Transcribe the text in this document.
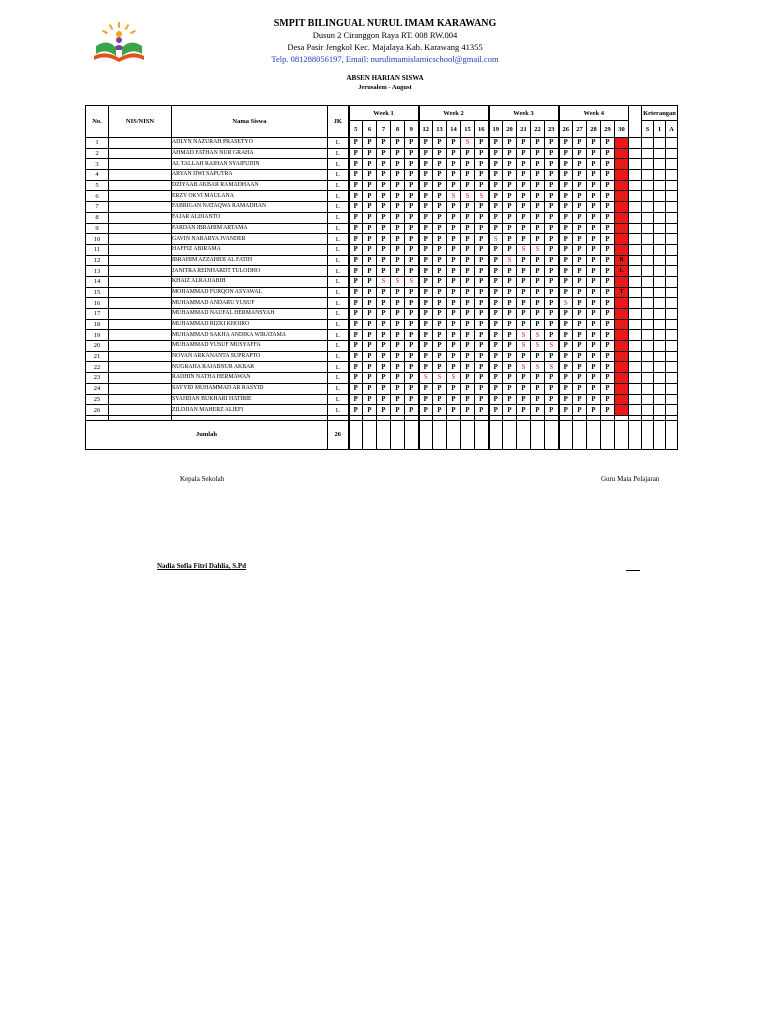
SMPIT BILINGUAL NURUL IMAM KARAWANG
Dusun 2 Ciranggon Raya RT. 008 RW.004
Desa Pasir Jengkol Kec. Majalaya Kab. Karawang 41355
Telp. 081288056197, Email: nurulimamislamicschool@gmail.com
ABSEN HARIAN SISWA
Jerusalem - August
No.	NIS/NISN	Nama Siswa	JK	Week 1					Week 2					Week 3					Week 4						Keterangan		
				5	6	7	8	9	12	13	14	15	16	19	20	21	22	23	26	27	28	29	30		S	I	A
1		ADLYN NAZURAH PRASETYO	L	P	P	P	P	P	P	P	P	S	P	P	P	P	P	P	P	P	P	P					
2		AHMAD FATHAN NUR GRAHA	L	P	P	P	P	P	P	P	P	P	P	P	P	P	P	P	P	P	P	P					
3		AL TALLAH RAIHAN SYAIFUDIN	L	P	P	P	P	P	P	P	P	P	P	P	P	P	P	P	P	P	P	P					
4		ARYAN DWI SAPUTRA	L	P	P	P	P	P	P	P	P	P	P	P	P	P	P	P	P	P	P	P					
5		DZIYAAB AKBAR RAMADHAAN	L	P	P	P	P	P	P	P	P	P	P	P	P	P	P	P	P	P	P	P					
6		ERZY OKVI MAULANA	L	P	P	P	P	P	P	P	S	S	S	P	P	P	P	P	P	P	P	P					
7		FABRIGAN NATAQWA RAMADHAN	L	P	P	P	P	P	P	P	P	P	P	P	P	P	P	P	P	P	P	P					
8		FAJAR ALDIANTO	L	P	P	P	P	P	P	P	P	P	P	P	P	P	P	P	P	P	P	P					
9		FARDAN IBRAHIM ARTAMA	L	P	P	P	P	P	P	P	P	P	P	P	P	P	P	P	P	P	P	P					
10		GAVIN NARARYA IVANDER	L	P	P	P	P	P	P	P	P	P	P	S	P	P	P	P	P	P	P	P					
11		HAFFIZ ABIRAMA	L	P	P	P	P	P	P	P	P	P	P	P	P	S	S	P	P	P	P	P					
12		IBRAHIM AZZAHIDI AL FATIH	L	P	P	P	P	P	P	P	P	P	P	P	S	P	P	P	P	P	P	P	R				
13		JANITRA REINHARDT TULODHO	L	P	P	P	P	P	P	P	P	P	P	P	P	P	P	P	P	P	P	P	L				
14		KHAIZ ALRAJJABIH	L	P	P	S	S	S	P	P	P	P	P	P	P	P	P	P	P	P	P	P					
15		MOHAMMAD FURQON ASYAWAL	L	P	P	P	P	P	P	P	P	P	P	P	P	P	P	P	P	P	P	P	T				
16		MUHAMMAD ANDARU YUSUF	L	P	P	P	P	P	P	P	P	P	P	P	P	P	P	P	S	P	P	P					
17		MUHAMMAD NAUFAL HERMANSYAH	L	P	P	P	P	P	P	P	P	P	P	P	P	P	P	P	P	P	P	P					
18		MUHAMMAD RIZKI KHOIRO	L	P	P	P	P	P	P	P	P	P	P	P	P	P	P	P	P	P	P	P					
19		MUHAMMAD SAKHA ANDIKA WIRATAMA	L	P	P	P	P	P	P	P	P	P	P	P	P	S	S	P	P	P	P	P					
20		MUHAMMAD YUSUF MUSYAFFA	L	P	P	P	P	P	P	P	P	P	P	P	P	S	S	S	P	P	P	P					
21		NOVAN ARKANANTA SUPRAPTO	L	P	P	P	P	P	P	P	P	P	P	P	P	P	P	P	P	P	P	P					
22		NUGRAHA RAJABNUR AKBAR	L	P	P	P	P	P	P	P	P	P	P	P	P	S	S	S	P	P	P	P					
23		RADHIN NATHA HERMAWAN	L	P	P	P	P	P	S	S	S	P	P	P	P	P	P	P	P	P	P	P					
24		SAYYID MUHAMMAD AR RASYID	L	P	P	P	P	P	P	P	P	P	P	P	P	P	P	P	P	P	P	P					
25		SYAHDAN BUKHARI HATIBIE	L	P	P	P	P	P	P	P	P	P	P	P	P	P	P	P	P	P	P	P					
26		ZILDJIAN MAHERZ ALIEFI	L	P	P	P	P	P	P	P	P	P	P	P	P	P	P	P	P	P	P	P					

Jumlah			26																								
Kepala Sekolah	Guru Mata Pelajaran
Nadia Sofia Fitri Dahlia, S.Pd
